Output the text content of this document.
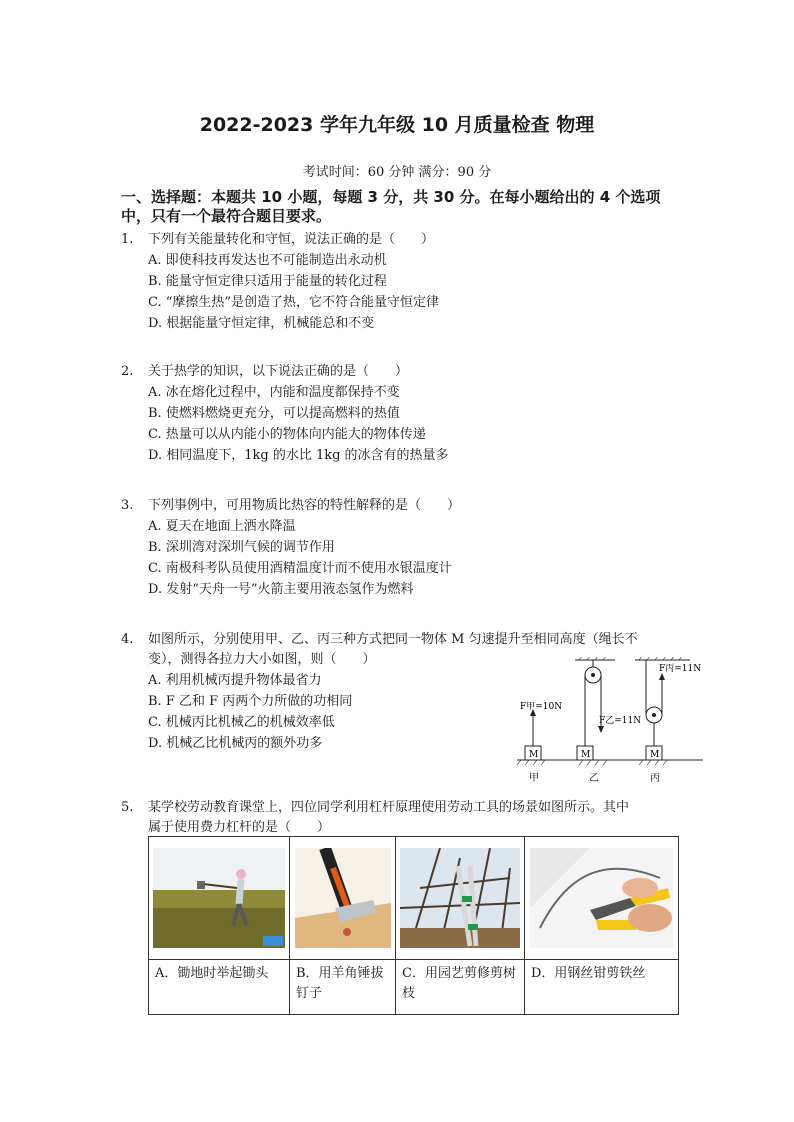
2022-2023 学年九年级 10 月质量检查 物理
考试时间：60 分钟 满分：90 分
一、选择题：本题共 10 小题，每题 3 分，共 30 分。在每小题给出的 4 个选项中，只有一个最符合题目要求。
1. 下列有关能量转化和守恒，说法正确的是（　　）
A. 即使科技再发达也不可能制造出永动机
B. 能量守恒定律只适用于能量的转化过程
C. “摩擦生热”是创造了热，它不符合能量守恒定律
D. 根据能量守恒定律，机械能总和不变
2. 关于热学的知识，以下说法正确的是（　　）
A. 冰在熔化过程中，内能和温度都保持不变
B. 使燃料燃烧更充分，可以提高燃料的热值
C. 热量可以从内能小的物体向内能大的物体传递
D. 相同温度下，1kg 的水比 1kg 的冰含有的热量多
3. 下列事例中，可用物质比热容的特性解释的是（　　）
A. 夏天在地面上洒水降温
B. 深圳湾对深圳气候的调节作用
C. 南极科考队员使用酒精温度计而不使用水银温度计
D. 发射“天舟一号”火箭主要用液态氢作为燃料
4. 如图所示，分别使用甲、乙、丙三种方式把同一物体 M 匀速提升至相同高度（绳长不
变），测得各拉力大小如图，则（　　）
A. 利用机械丙提升物体最省力
B. F 乙和 F 丙两个力所做的功相同
C. 机械丙比机械乙的机械效率低
D. 机械乙比机械丙的额外功多
M
F甲=10N
甲
M
F乙=11N
乙
M
F丙=11N
丙
5. 某学校劳动教育课堂上，四位同学利用杠杆原理使用劳动工具的场景如图所示。其中
属于使用费力杠杆的是（　　）

A．锄地时举起锄头	B．用羊角锤拔钉子	C．用园艺剪修剪树枝	D．用钢丝钳剪铁丝
